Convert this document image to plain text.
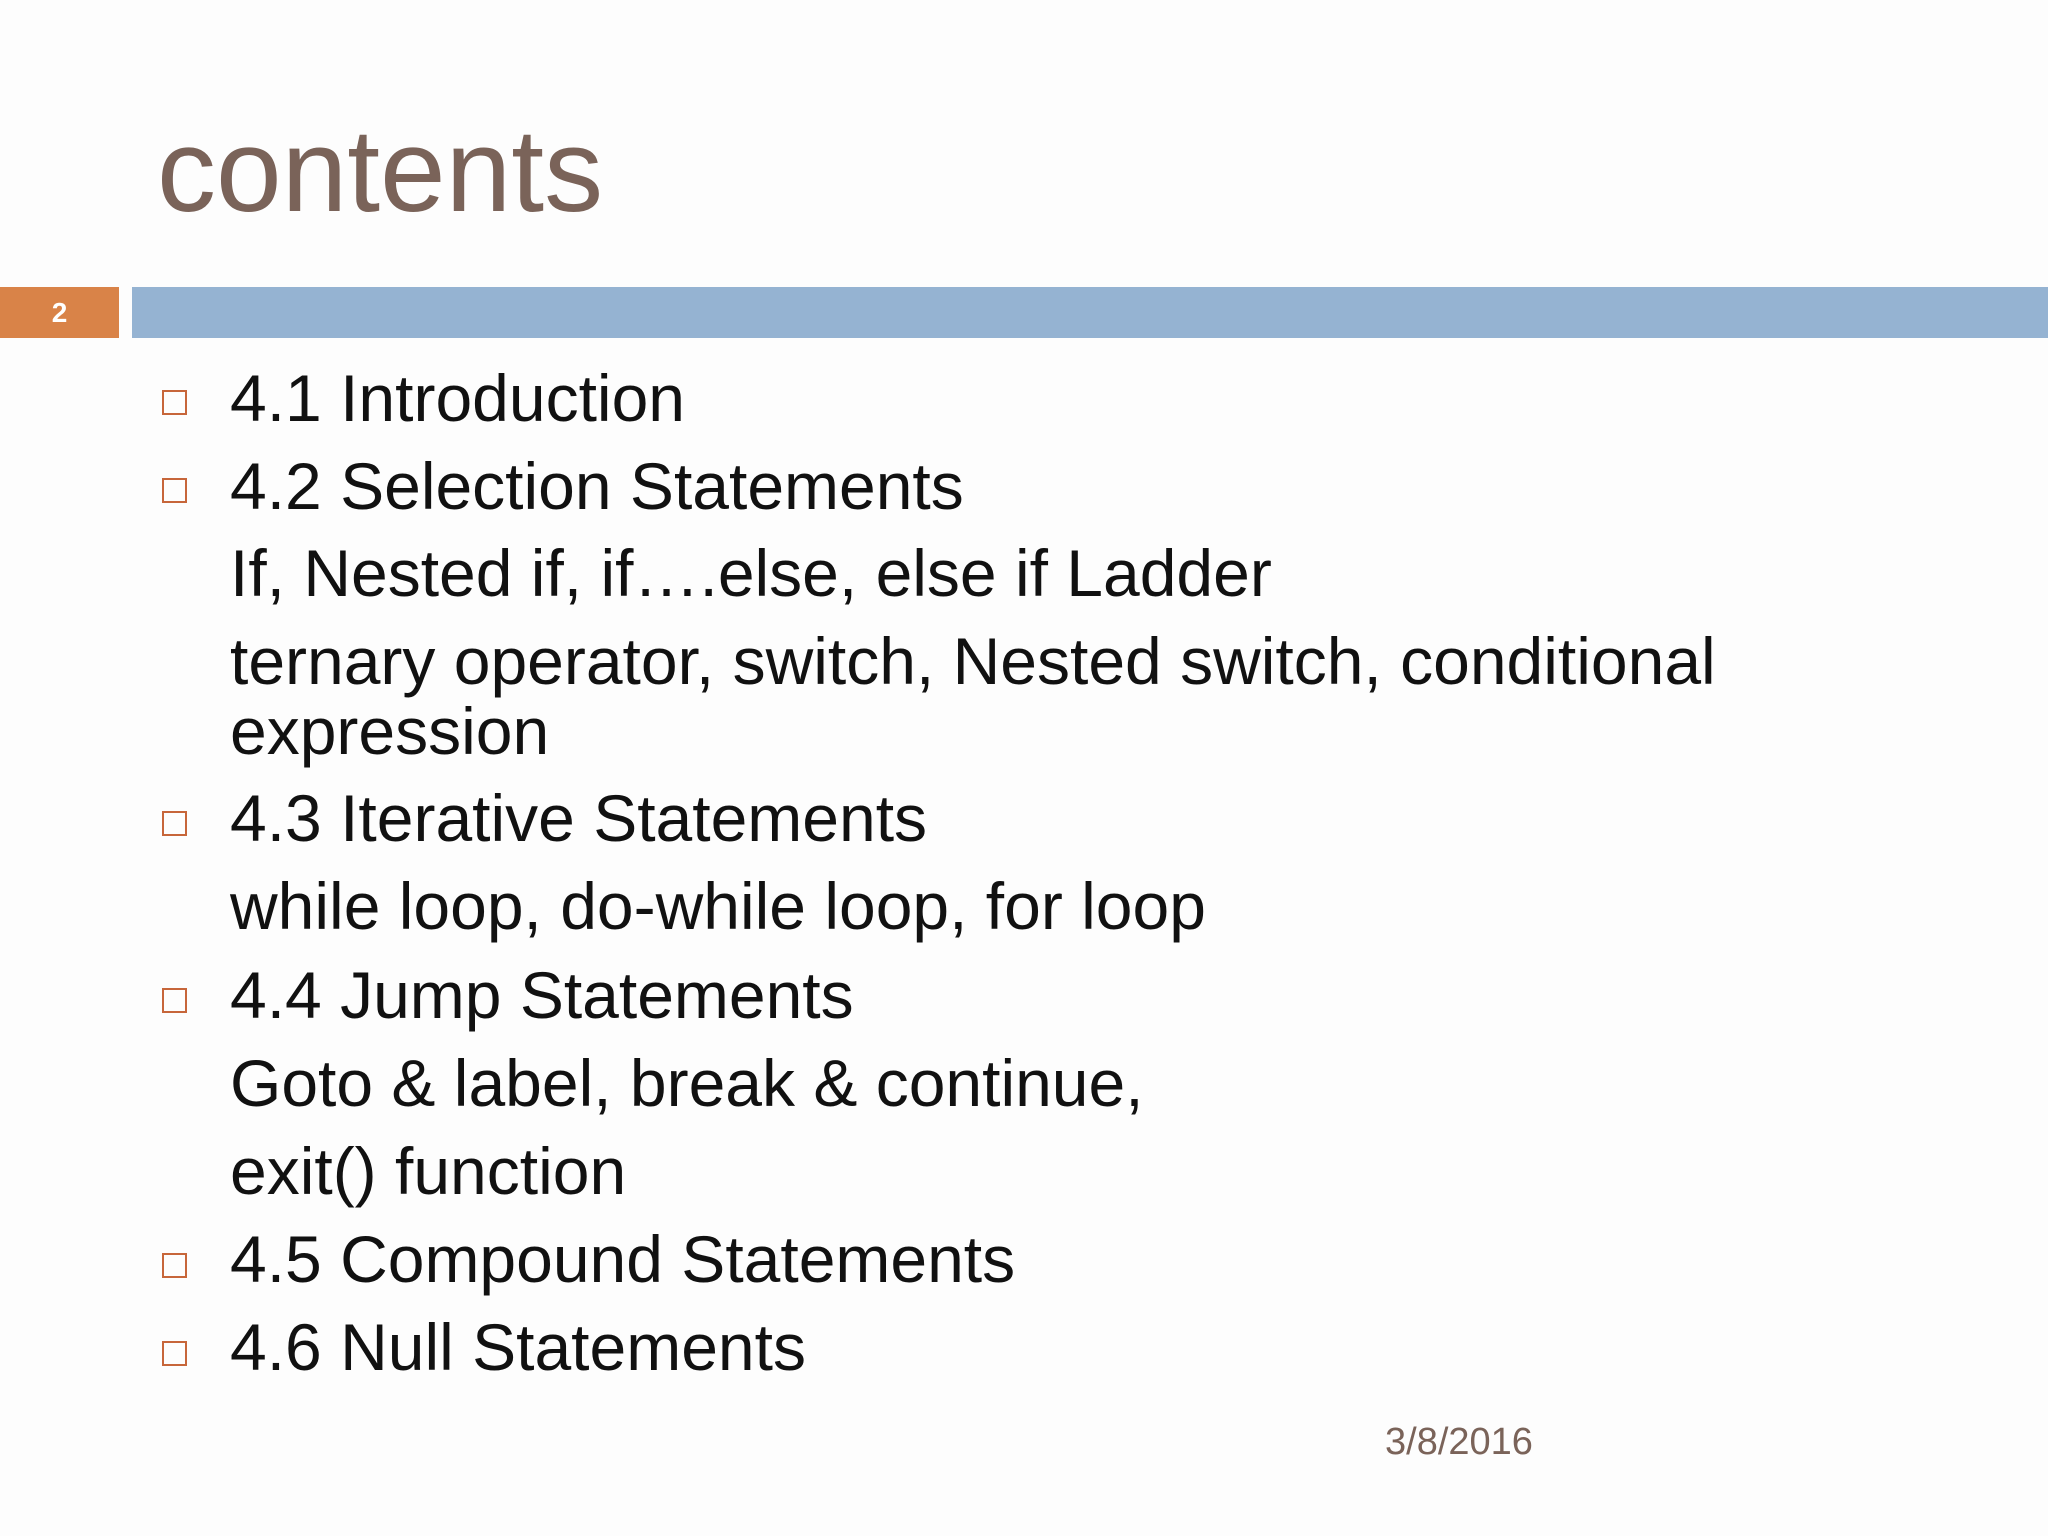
contents
2
4.1 Introduction
4.2 Selection Statements
If, Nested if, if….else, else if Ladder
ternary operator, switch, Nested switch, conditional
expression
4.3 Iterative Statements
while loop, do-while loop, for loop
4.4 Jump Statements
Goto & label, break & continue,
exit() function
4.5 Compound Statements
4.6 Null Statements
3/8/2016
